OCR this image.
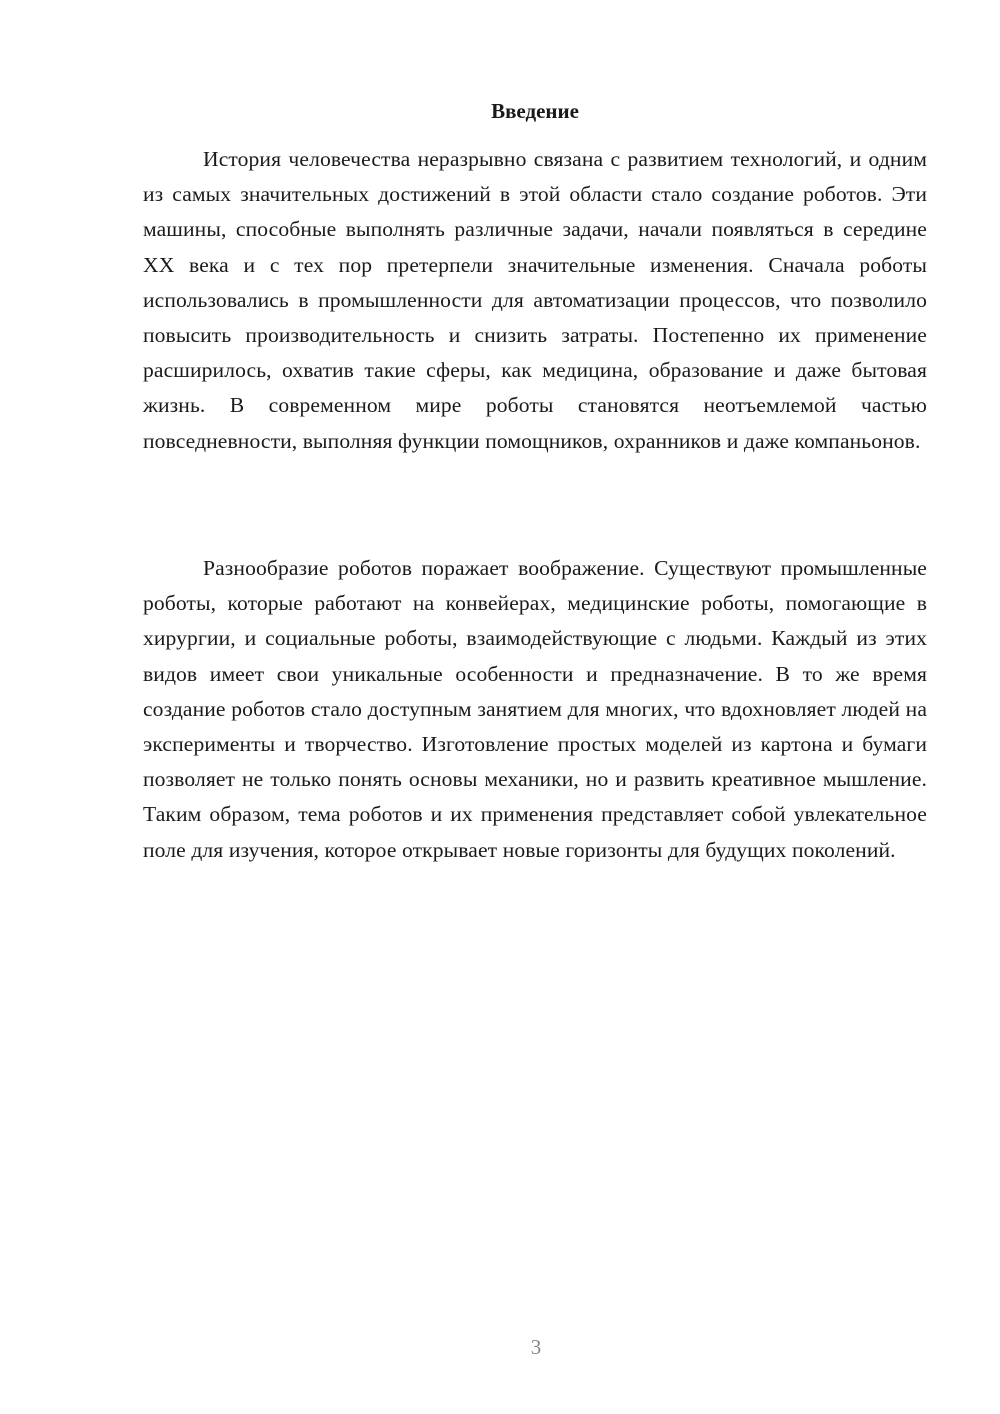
Введение

История человечества неразрывно связана с развитием технологий, и одним из самых значительных достижений в этой области стало создание роботов. Эти машины, способные выполнять различные задачи, начали появляться в середине XX века и с тех пор претерпели значительные изменения. Сначала роботы использовались в промышленности для автоматизации процессов, что позволило повысить производительность и снизить затраты. Постепенно их применение расширилось, охватив такие сферы, как медицина, образование и даже бытовая жизнь. В современном мире роботы становятся неотъемлемой частью повседневности, выполняя функции помощников, охранников и даже компаньонов.

Разнообразие роботов поражает воображение. Существуют промышленные роботы, которые работают на конвейерах, медицинские роботы, помогающие в хирургии, и социальные роботы, взаимодействующие с людьми. Каждый из этих видов имеет свои уникальные особенности и предназначение. В то же время создание роботов стало доступным занятием для многих, что вдохновляет людей на эксперименты и творчество. Изготовление простых моделей из картона и бумаги позволяет не только понять основы механики, но и развить креативное мышление. Таким образом, тема роботов и их применения представляет собой увлекательное поле для изучения, которое открывает новые горизонты для будущих поколений.

3
